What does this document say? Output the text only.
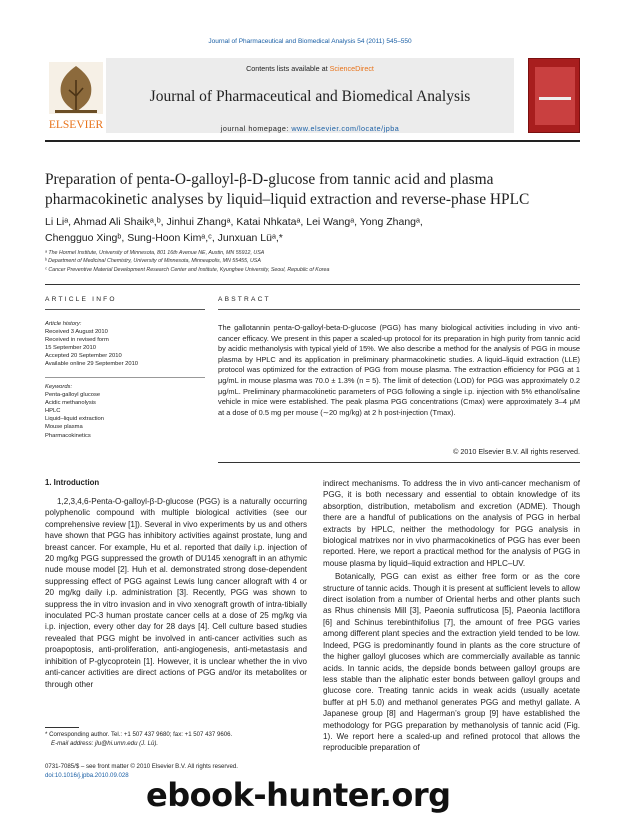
Journal of Pharmaceutical and Biomedical Analysis 54 (2011) 545–550
ELSEVIER
Contents lists available at ScienceDirect
Journal of Pharmaceutical and Biomedical Analysis
journal homepage: www.elsevier.com/locate/jpba
Preparation of penta-O-galloyl-β-D-glucose from tannic acid and plasma
pharmacokinetic analyses by liquid–liquid extraction and reverse-phase HPLC
Li Liᵃ, Ahmad Ali Shaikᵃ,ᵇ, Jinhui Zhangᵃ, Katai Nhkataᵃ, Lei Wangᵃ, Yong Zhangᵃ,
Chengguo Xingᵇ, Sung-Hoon Kimᵃ,ᶜ, Junxuan Lüᵃ,*
ᵃ The Hormel Institute, University of Minnesota, 801 16th Avenue NE, Austin, MN 55912, USA
ᵇ Department of Medicinal Chemistry, University of Minnesota, Minneapolis, MN 55455, USA
ᶜ Cancer Preventive Material Development Research Center and Institute, Kyunghee University, Seoul, Republic of Korea
ARTICLE INFO	ABSTRACT
Article history:
Received 3 August 2010
Received in revised form
15 September 2010
Accepted 20 September 2010
Available online 29 September 2010
Keywords:
Penta-galloyl glucose
Acidic methanolysis
HPLC
Liquid–liquid extraction
Mouse plasma
Pharmacokinetics
The gallotannin penta-O-galloyl-beta-D-glucose (PGG) has many biological activities including in vivo anti-cancer efficacy. We present in this paper a scaled-up protocol for its preparation in high purity from tannic acid by acidic methanolysis with typical yield of 15%. We also describe a method for the analysis of PGG in mouse plasma by HPLC and its application in preliminary pharmacokinetic studies. A liquid–liquid extraction (LLE) protocol was optimized for the extraction of PGG from mouse plasma. The extraction efficiency for PGG at 1 μg/mL in mouse plasma was 70.0 ± 1.3% (n = 5). The limit of detection (LOD) for PGG was approximately 0.2 μg/mL. Preliminary pharmacokinetic parameters of PGG following a single i.p. injection with 5% ethanol/saline vehicle in mice were established. The peak plasma PGG concentrations (Cmax) were approximately 3–4 μM at a dose of 0.5 mg per mouse (∼20 mg/kg) at 2 h post-injection (Tmax).
© 2010 Elsevier B.V. All rights reserved.
1. Introduction
1,2,3,4,6-Penta-O-galloyl-β-D-glucose (PGG) is a naturally occurring polyphenolic compound with multiple biological activities (see our comprehensive review [1]). Several in vivo experiments by us and others have shown that PGG has inhibitory activities against prostate, lung and breast cancer. For example, Hu et al. reported that daily i.p. injection of 20 mg/kg PGG suppressed the growth of DU145 xenograft in an athymic nude mouse model [2]. Huh et al. demonstrated strong dose-dependent suppressing effect of PGG against Lewis lung cancer allograft with 4 or 20 mg/kg daily i.p. administration [3]. Recently, PGG was shown to suppress the in vitro invasion and in vivo xenograft growth of intra-tibially inoculated PC-3 human prostate cancer cells at a dose of 25 mg/kg via i.p. injection, every other day for 28 days [4]. Cell culture based studies revealed that PGG might be involved in anti-cancer activities such as proapoptosis, anti-proliferation, anti-angiogenesis, anti-metastasis and inhibition of P-glycoprotein [1]. However, it is unclear whether the in vivo anti-cancer activities are direct actions of PGG and/or its metabolites or through other

indirect mechanisms. To address the in vivo anti-cancer mechanism of PGG, it is both necessary and essential to obtain knowledge of its absorption, distribution, metabolism and excretion (ADME). Though there are a handful of publications on the analysis of PGG in herbal extracts by HPLC, neither the methodology for PGG analysis in biological matrixes nor in vivo pharmacokinetics of PGG has ever been reported. Here, we report a practical method for the analysis of PGG in mouse plasma by liquid–liquid extraction and HPLC–UV.

Botanically, PGG can exist as either free form or as the core structure of tannic acids. Though it is present at sufficient levels to allow direct isolation from a number of Oriental herbs and other plants such as Rhus chinensis Mill [3], Paeonia suffruticosa [5], Paeonia lactiflora [6] and Schinus terebinthifolius [7], the amount of free PGG varies among different plant species and the extraction yield tended to be low. Indeed, PGG is predominantly found in plants as the core structure of the higher galloyl glucoses which are commercially available as tannic acids. In tannic acids, the depside bonds between galloyl groups are less stable than the aliphatic ester bonds between galloyl groups and glucose core. Treating tannic acids in weak acids (usually acetate buffer at pH 5.0) and methanol generates PGG and methyl gallate. A Japanese group [8] and Hagerman’s group [9] have established the methodology for PGG preparation by methanolysis of tannic acid (Fig. 1). We report here a scaled-up and refined protocol that allows the reproducible preparation of

* Corresponding author. Tel.: +1 507 437 9680; fax: +1 507 437 9606.
E-mail address: jlu@hi.umn.edu (J. Lü).
0731-7085/$ – see front matter © 2010 Elsevier B.V. All rights reserved.
doi:10.1016/j.jpba.2010.09.028
ebook-hunter.org
